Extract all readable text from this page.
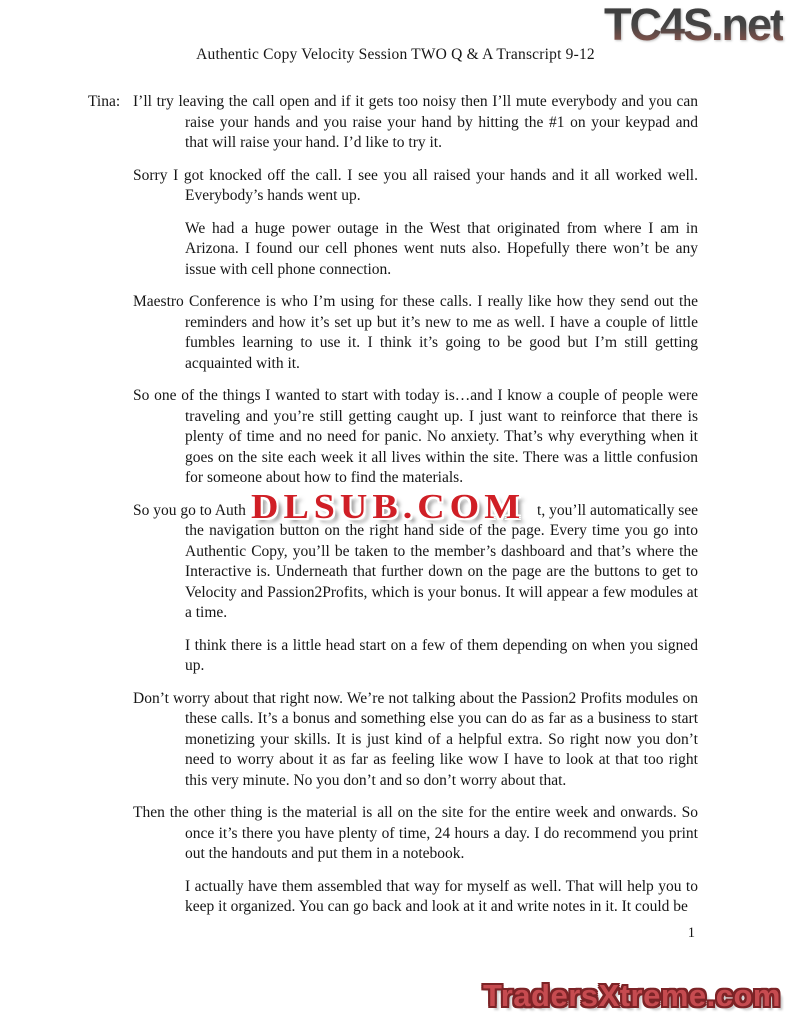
TC4S.net
Authentic Copy Velocity Session TWO Q & A Transcript 9-12
Tina: I’ll try leaving the call open and if it gets too noisy then I’ll mute everybody and you can raise your hands and you raise your hand by hitting the #1 on your keypad and that will raise your hand. I’d like to try it.

Sorry I got knocked off the call. I see you all raised your hands and it all worked well. Everybody’s hands went up.

We had a huge power outage in the West that originated from where I am in Arizona. I found our cell phones went nuts also. Hopefully there won’t be any issue with cell phone connection.

Maestro Conference is who I’m using for these calls. I really like how they send out the reminders and how it’s set up but it’s new to me as well. I have a couple of little fumbles learning to use it. I think it’s going to be good but I’m still getting acquainted with it.

So one of the things I wanted to start with today is…and I know a couple of people were traveling and you’re still getting caught up. I just want to reinforce that there is plenty of time and no need for panic. No anxiety. That’s why everything when it goes on the site each week it all lives within the site. There was a little confusion for someone about how to find the materials.

So you go to Auth	t, you’ll automatically see
the navigation button on the right hand side of the page. Every time you go into Authentic Copy, you’ll be taken to the member’s dashboard and that’s where the Interactive is. Underneath that further down on the page are the buttons to get to Velocity and Passion2Profits, which is your bonus. It will appear a few modules at a time.

I think there is a little head start on a few of them depending on when you signed up.

Don’t worry about that right now. We’re not talking about the Passion2 Profits modules on these calls. It’s a bonus and something else you can do as far as a business to start monetizing your skills. It is just kind of a helpful extra. So right now you don’t need to worry about it as far as feeling like wow I have to look at that too right this very minute. No you don’t and so don’t worry about that.

Then the other thing is the material is all on the site for the entire week and onwards. So once it’s there you have plenty of time, 24 hours a day. I do recommend you print out the handouts and put them in a notebook.

I actually have them assembled that way for myself as well. That will help you to keep it organized. You can go back and look at it and write notes in it. It could be

DLSUB.COM
1
TradersXtreme.com
